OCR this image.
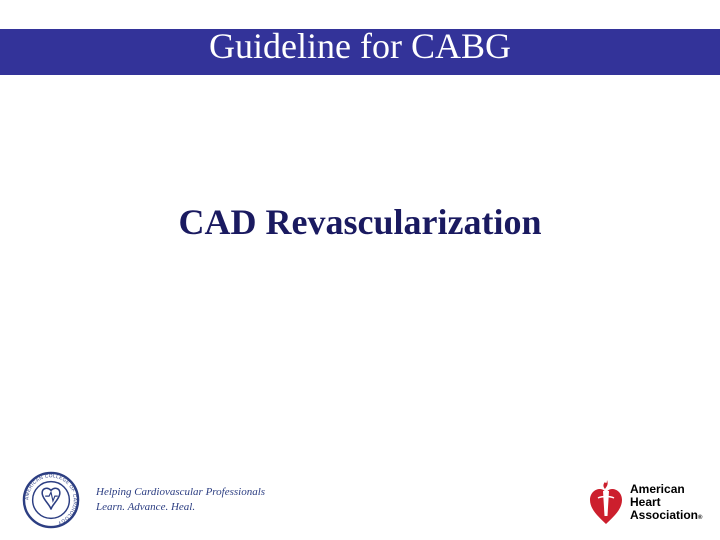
Guideline for CABG
CAD Revascularization
AMERICAN COLLEGE OF CARDIOLOGY
Helping Cardiovascular Professionals
Learn. Advance. Heal.
American
Heart
Association®
